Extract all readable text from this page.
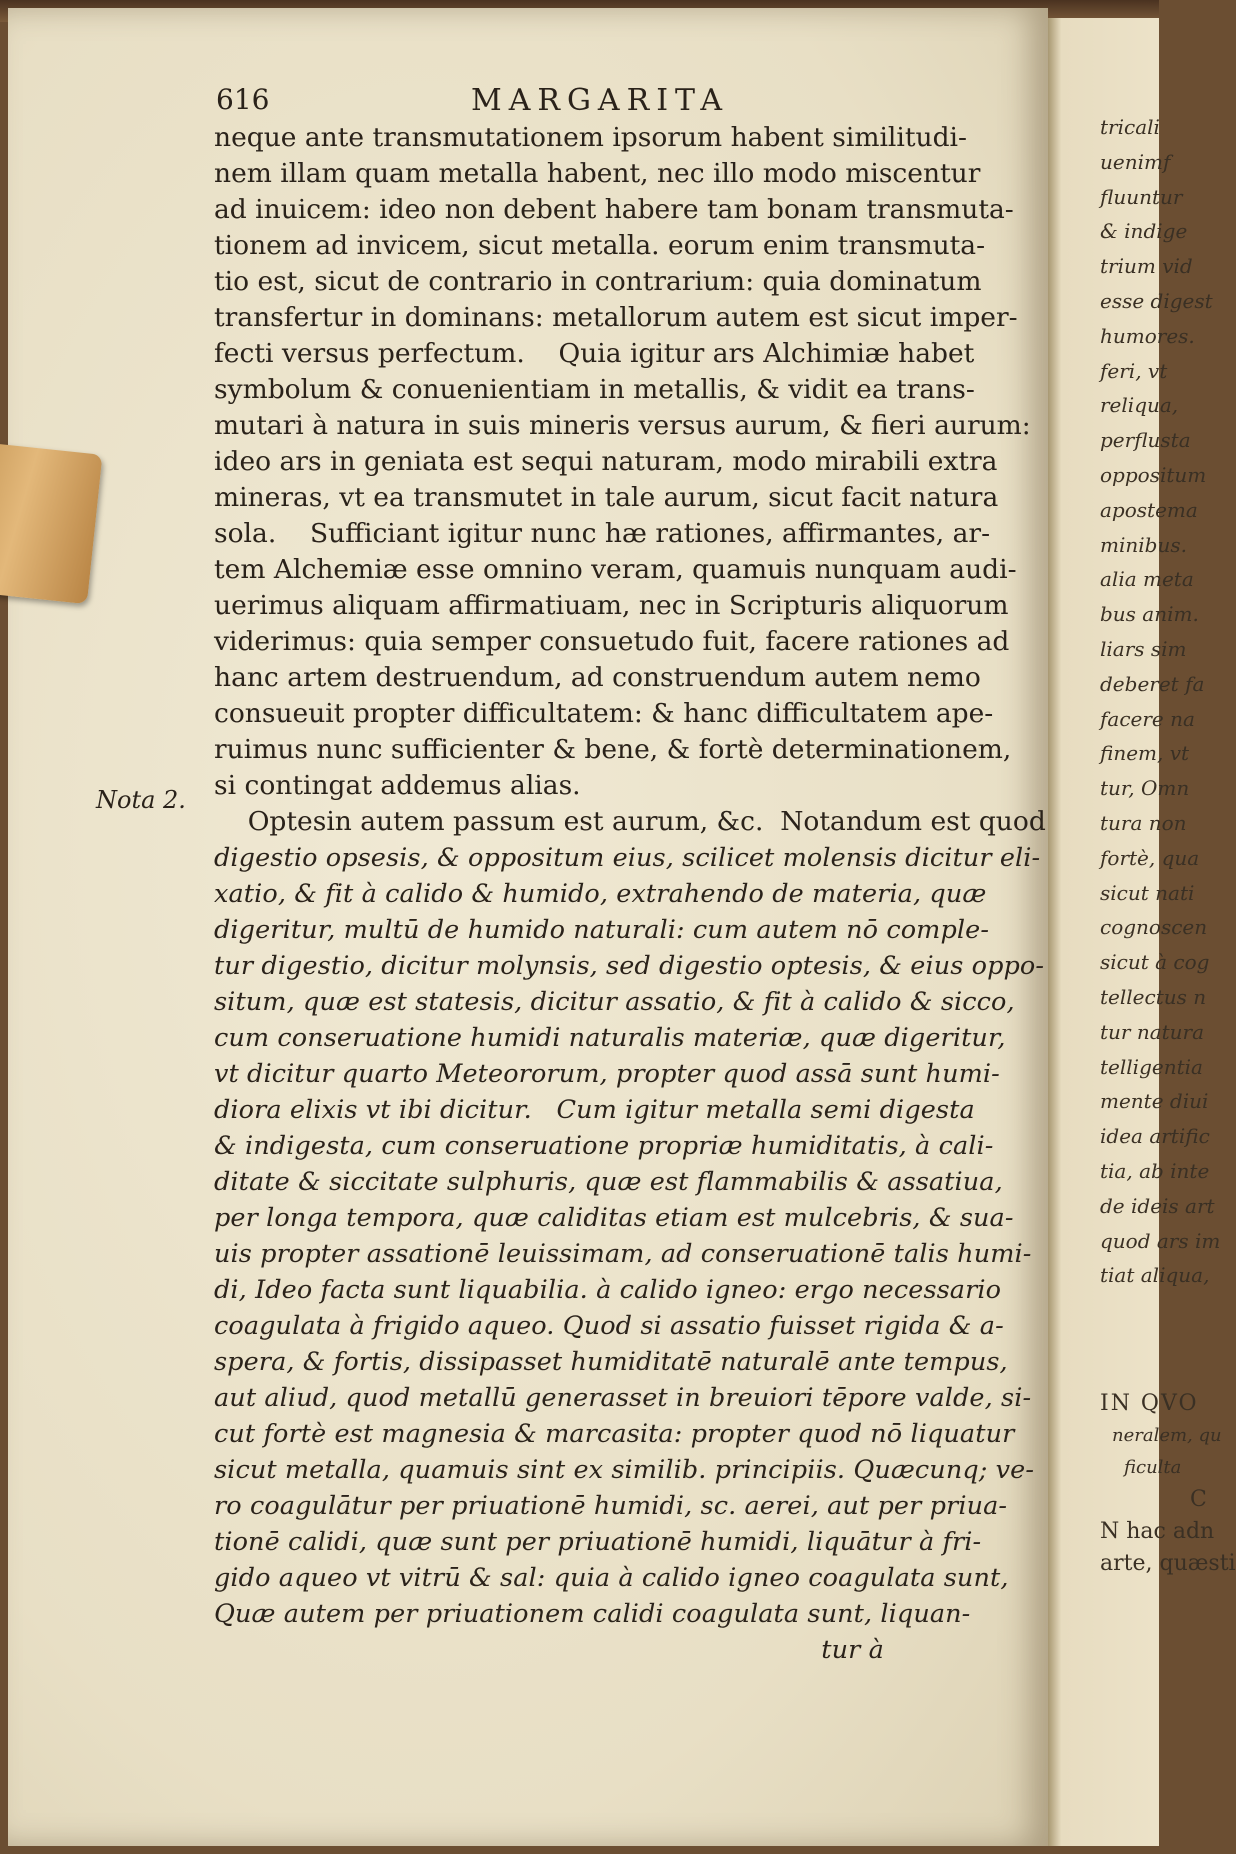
616	MARGARITA
Nota 2.
neque ante transmutationem ipsorum habent similitudi-
nem illam quam metalla habent, nec illo modo miscentur
ad inuicem: ideo non debent habere tam bonam transmuta-
tionem ad invicem, sicut metalla. eorum enim transmuta-
tio est, sicut de contrario in contrarium: quia dominatum
transfertur in dominans: metallorum autem est sicut imper-
fecti versus perfectum.    Quia igitur ars Alchimiæ habet
symbolum & conuenientiam in metallis, & vidit ea trans-
mutari à natura in suis mineris versus aurum, & fieri aurum:
ideo ars in geniata est sequi naturam, modo mirabili extra
mineras, vt ea transmutet in tale aurum, sicut facit natura
sola.    Sufficiant igitur nunc hæ rationes, affirmantes, ar-
tem Alchemiæ esse omnino veram, quamuis nunquam audi-
uerimus aliquam affirmatiuam, nec in Scripturis aliquorum
viderimus: quia semper consuetudo fuit, facere rationes ad
hanc artem destruendum, ad construendum autem nemo
consueuit propter difficultatem: & hanc difficultatem ape-
ruimus nunc sufficienter & bene, & fortè determinationem,
si contingat addemus alias.
Optesin autem passum est aurum, &c.  Notandum est quod
digestio opsesis, & oppositum eius, scilicet molensis dicitur eli-
xatio, & fit à calido & humido, extrahendo de materia, quæ
digeritur, multū de humido naturali: cum autem nō comple-
tur digestio, dicitur molynsis, sed digestio optesis, & eius oppo-
situm, quæ est statesis, dicitur assatio, & fit à calido & sicco,
cum conseruatione humidi naturalis materiæ, quæ digeritur,
vt dicitur quarto Meteororum, propter quod assā sunt humi-
diora elixis vt ibi dicitur.   Cum igitur metalla semi digesta
& indigesta, cum conseruatione propriæ humiditatis, à cali-
ditate & siccitate sulphuris, quæ est flammabilis & assatiua,
per longa tempora, quæ caliditas etiam est mulcebris, & sua-
uis propter assationē leuissimam, ad conseruationē talis humi-
di, Ideo facta sunt liquabilia. à calido igneo: ergo necessario
coagulata à frigido aqueo. Quod si assatio fuisset rigida & a-
spera, & fortis, dissipasset humiditatē naturalē ante tempus,
aut aliud, quod metallū generasset in breuiori tēpore valde, si-
cut fortè est magnesia & marcasita: propter quod nō liquatur
sicut metalla, quamuis sint ex similib. principiis. Quæcunq; ve-
ro coagulātur per priuationē humidi, sc. aerei, aut per priua-
tionē calidi, quæ sunt per priuationē humidi, liquātur à fri-
gido aqueo vt vitrū & sal: quia à calido igneo coagulata sunt,
Quæ autem per priuationem calidi coagulata sunt, liquan-
tur à
tricali
uenimf
fluuntur
& indige
trium vid
esse digest
humores.
feri, vt
reliqua,
perflusta
oppositum
apostema
minibus.
alia meta
bus anim.
liars sim
deberet fa
facere na
finem, vt
tur, Omn
tura non
fortè, qua
sicut nati
cognoscen
sicut à cog
tellectus n
tur natura
telligentia
mente diui
idea artific
tia, ab inte
de ideis art
quod ars im
tiat aliqua,
IN QVO
neralem, qu
ficulta
C
N hac adn
arte, quæsti
